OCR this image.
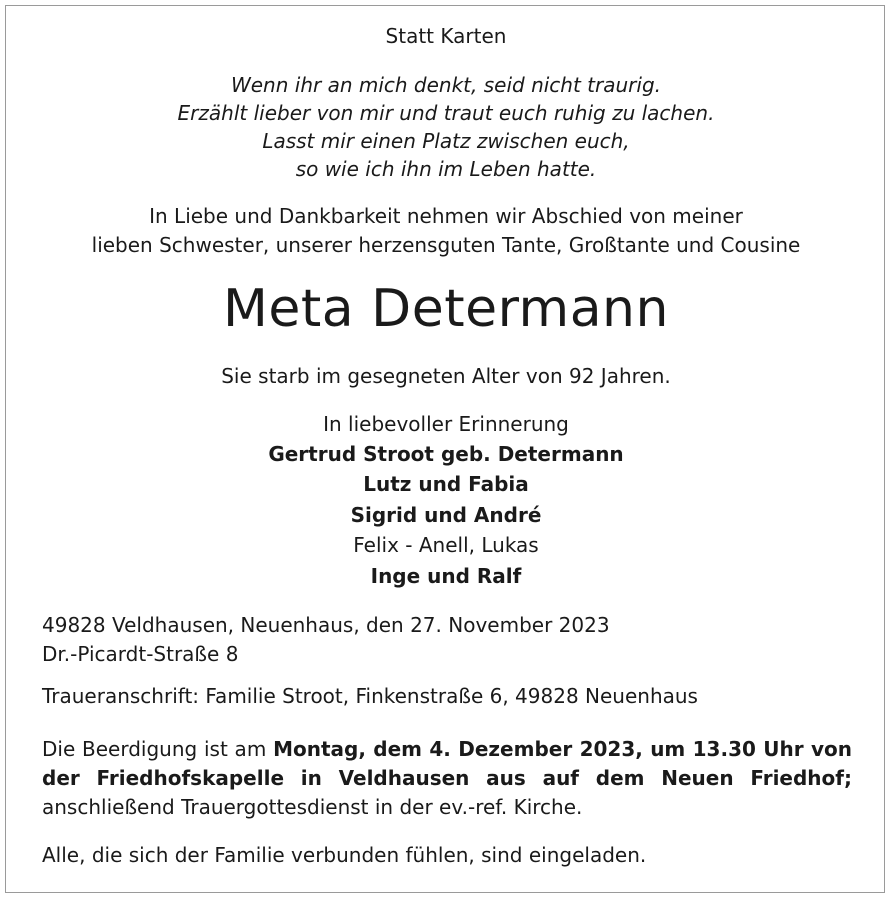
Statt Karten
Wenn ihr an mich denkt, seid nicht traurig.
Erzählt lieber von mir und traut euch ruhig zu lachen.
Lasst mir einen Platz zwischen euch,
so wie ich ihn im Leben hatte.
In Liebe und Dankbarkeit nehmen wir Abschied von meiner
lieben Schwester, unserer herzensguten Tante, Großtante und Cousine
Meta Determann
Sie starb im gesegneten Alter von 92 Jahren.
In liebevoller Erinnerung
Gertrud Stroot geb. Determann
Lutz und Fabia
Sigrid und André
Felix - Anell, Lukas
Inge und Ralf
49828 Veldhausen, Neuenhaus, den 27. November 2023
Dr.-Picardt-Straße 8
Traueranschrift: Familie Stroot, Finkenstraße 6, 49828 Neuenhaus
Die Beerdigung ist am Montag, dem 4. Dezember 2023, um 13.30 Uhr von der Friedhofskapelle in Veldhausen aus auf dem Neuen Friedhof; anschließend Trauergottesdienst in der ev.-ref. Kirche.
Alle, die sich der Familie verbunden fühlen, sind eingeladen.
